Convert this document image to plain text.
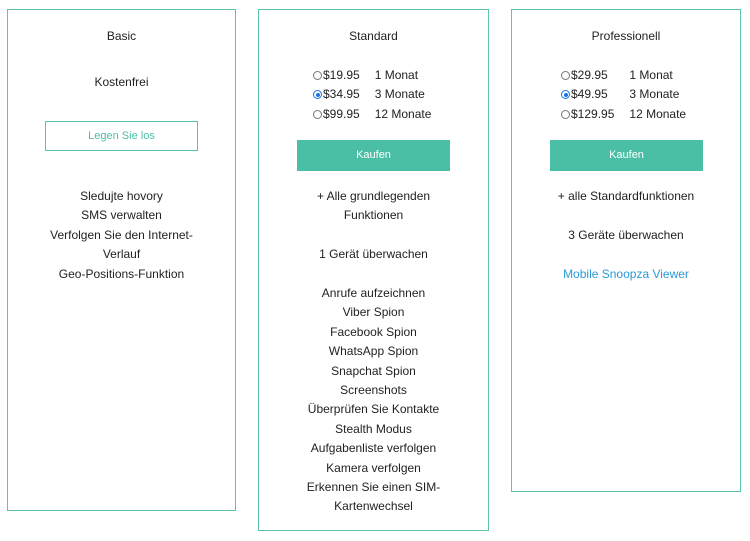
Basic
Kostenfrei
Legen Sie los
Sledujte hovory
SMS verwalten
Verfolgen Sie den Internet-
Verlauf
Geo-Positions-Funktion
Standard
$19.95	1 Monat
$34.95	3 Monate
$99.95	12 Monate
Kaufen
+ Alle grundlegenden
Funktionen
1 Gerät überwachen
Anrufe aufzeichnen
Viber Spion
Facebook Spion
WhatsApp Spion
Snapchat Spion
Screenshots
Überprüfen Sie Kontakte
Stealth Modus
Aufgabenliste verfolgen
Kamera verfolgen
Erkennen Sie einen SIM-
Kartenwechsel
Professionell
$29.95	1 Monat
$49.95	3 Monate
$129.95	12 Monate
Kaufen
+ alle Standardfunktionen
3 Geräte überwachen
Mobile Snoopza Viewer
